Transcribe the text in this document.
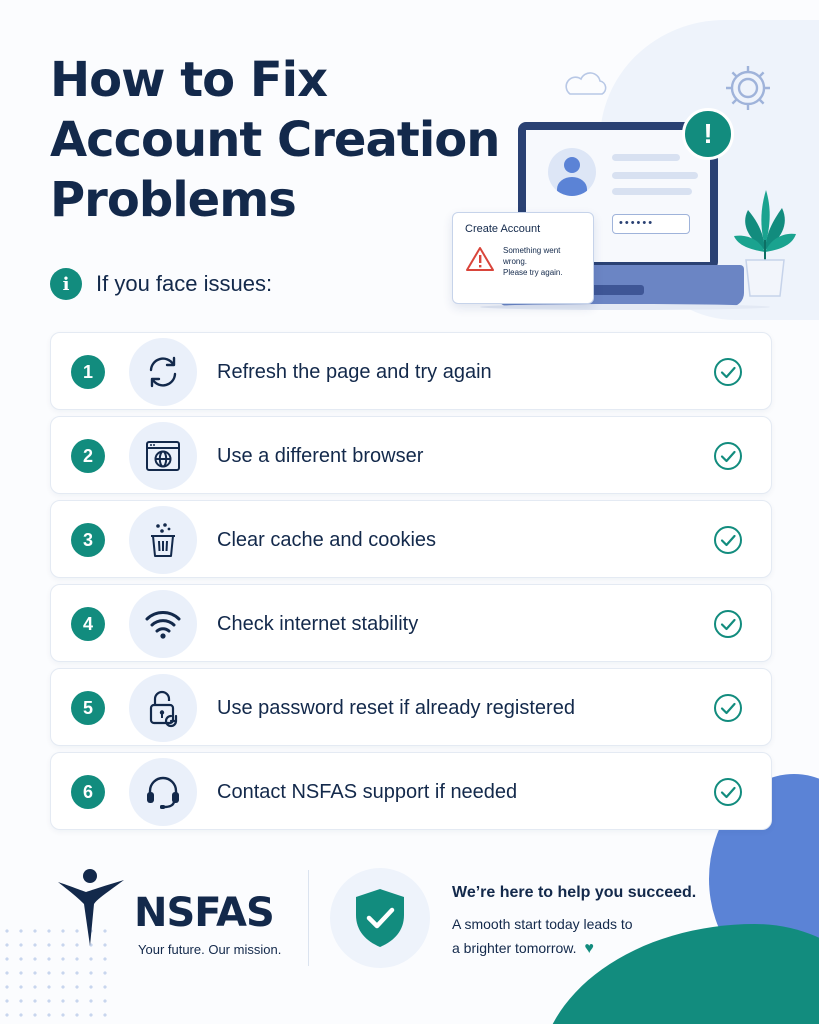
How to Fix
Account Creation
Problems
i	If you face issues:
••••••
!
Create Account
Something went wrong.
Please try again.
1	Refresh the page and try again
2	Use a different browser
3	Clear cache and cookies
4	Check internet stability
5	Use password reset if already registered
6	Contact NSFAS support if needed
NSFAS
Your future. Our mission.
We’re here to help you succeed.
A smooth start today leads to
a brighter tomorrow. ♥
